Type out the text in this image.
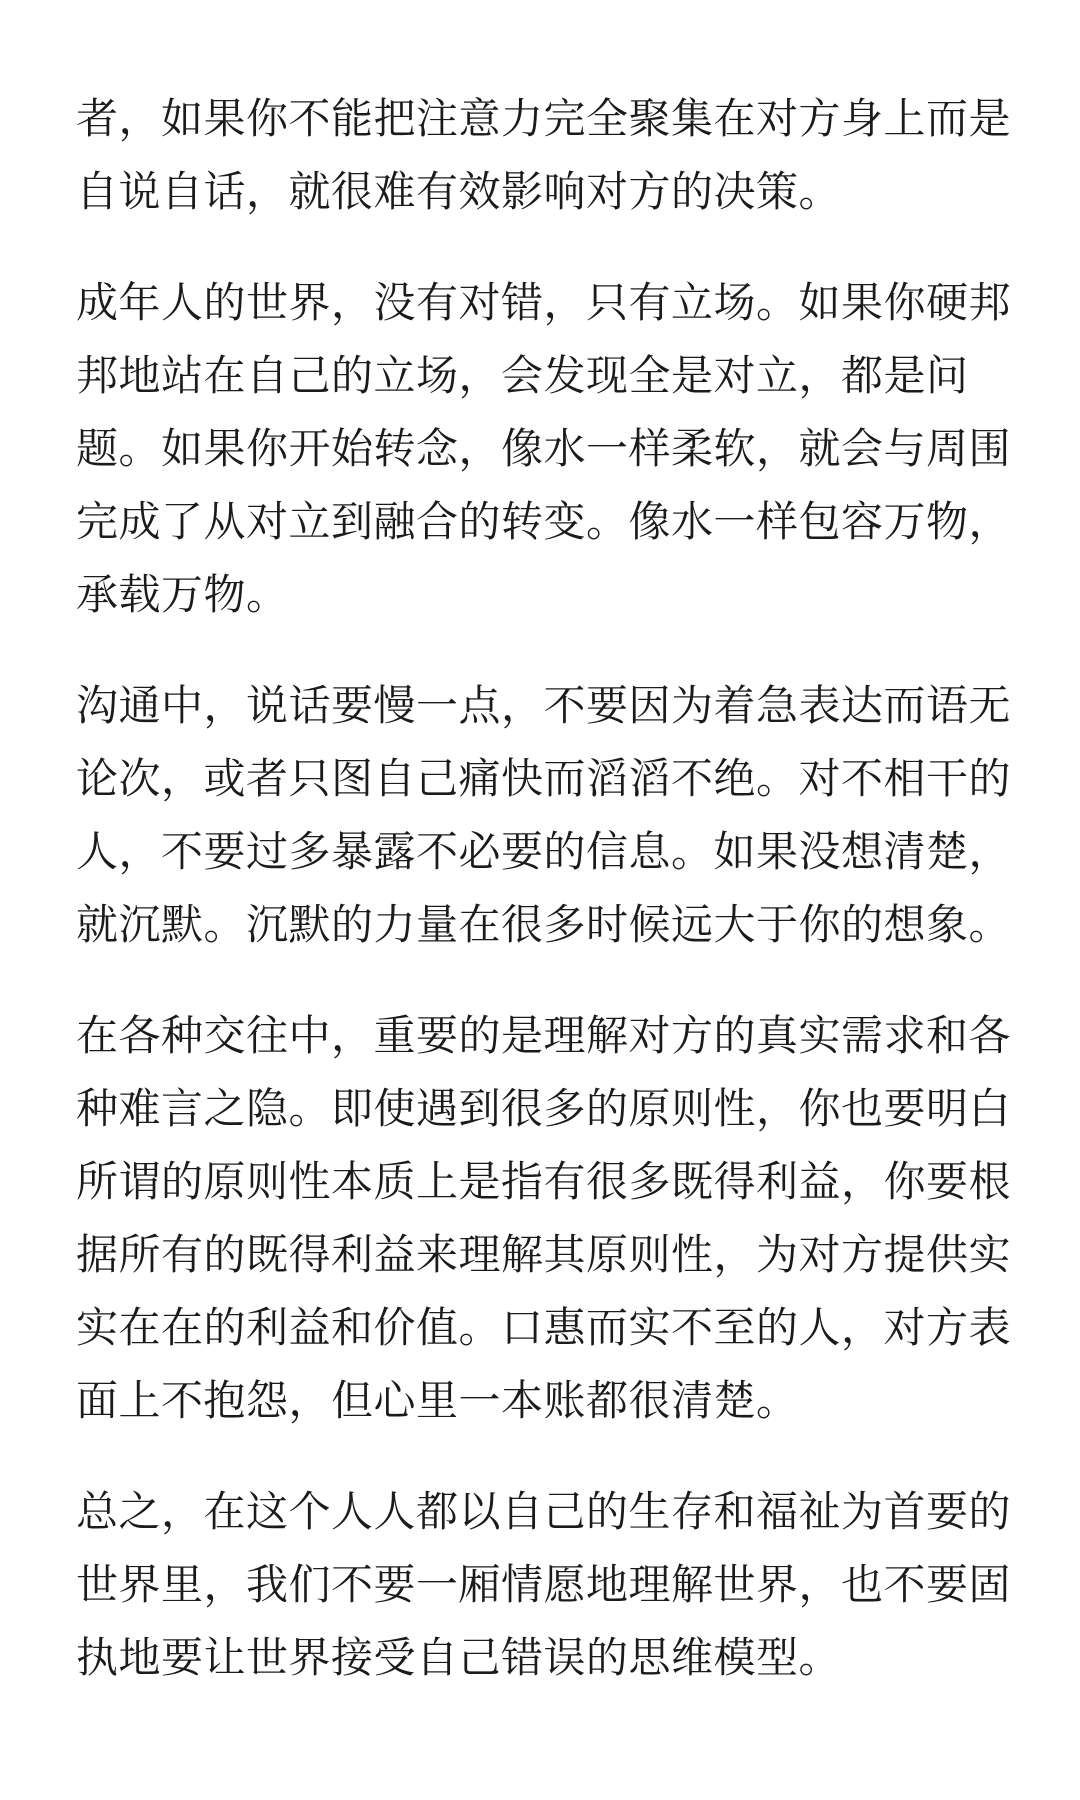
者，如果你不能把注意力完全聚集在对方身上而是
自说自话，就很难有效影响对方的决策。
成年人的世界，没有对错，只有立场。如果你硬邦
邦地站在自己的立场，会发现全是对立，都是问
题。如果你开始转念，像水一样柔软，就会与周围
完成了从对立到融合的转变。像水一样包容万物，
承载万物。
沟通中，说话要慢一点，不要因为着急表达而语无
论次，或者只图自己痛快而滔滔不绝。对不相干的
人，不要过多暴露不必要的信息。如果没想清楚，
就沉默。沉默的力量在很多时候远大于你的想象。
在各种交往中，重要的是理解对方的真实需求和各
种难言之隐。即使遇到很多的原则性，你也要明白
所谓的原则性本质上是指有很多既得利益，你要根
据所有的既得利益来理解其原则性，为对方提供实
实在在的利益和价值。口惠而实不至的人，对方表
面上不抱怨，但心里一本账都很清楚。
总之，在这个人人都以自己的生存和福祉为首要的
世界里，我们不要一厢情愿地理解世界，也不要固
执地要让世界接受自己错误的思维模型。
